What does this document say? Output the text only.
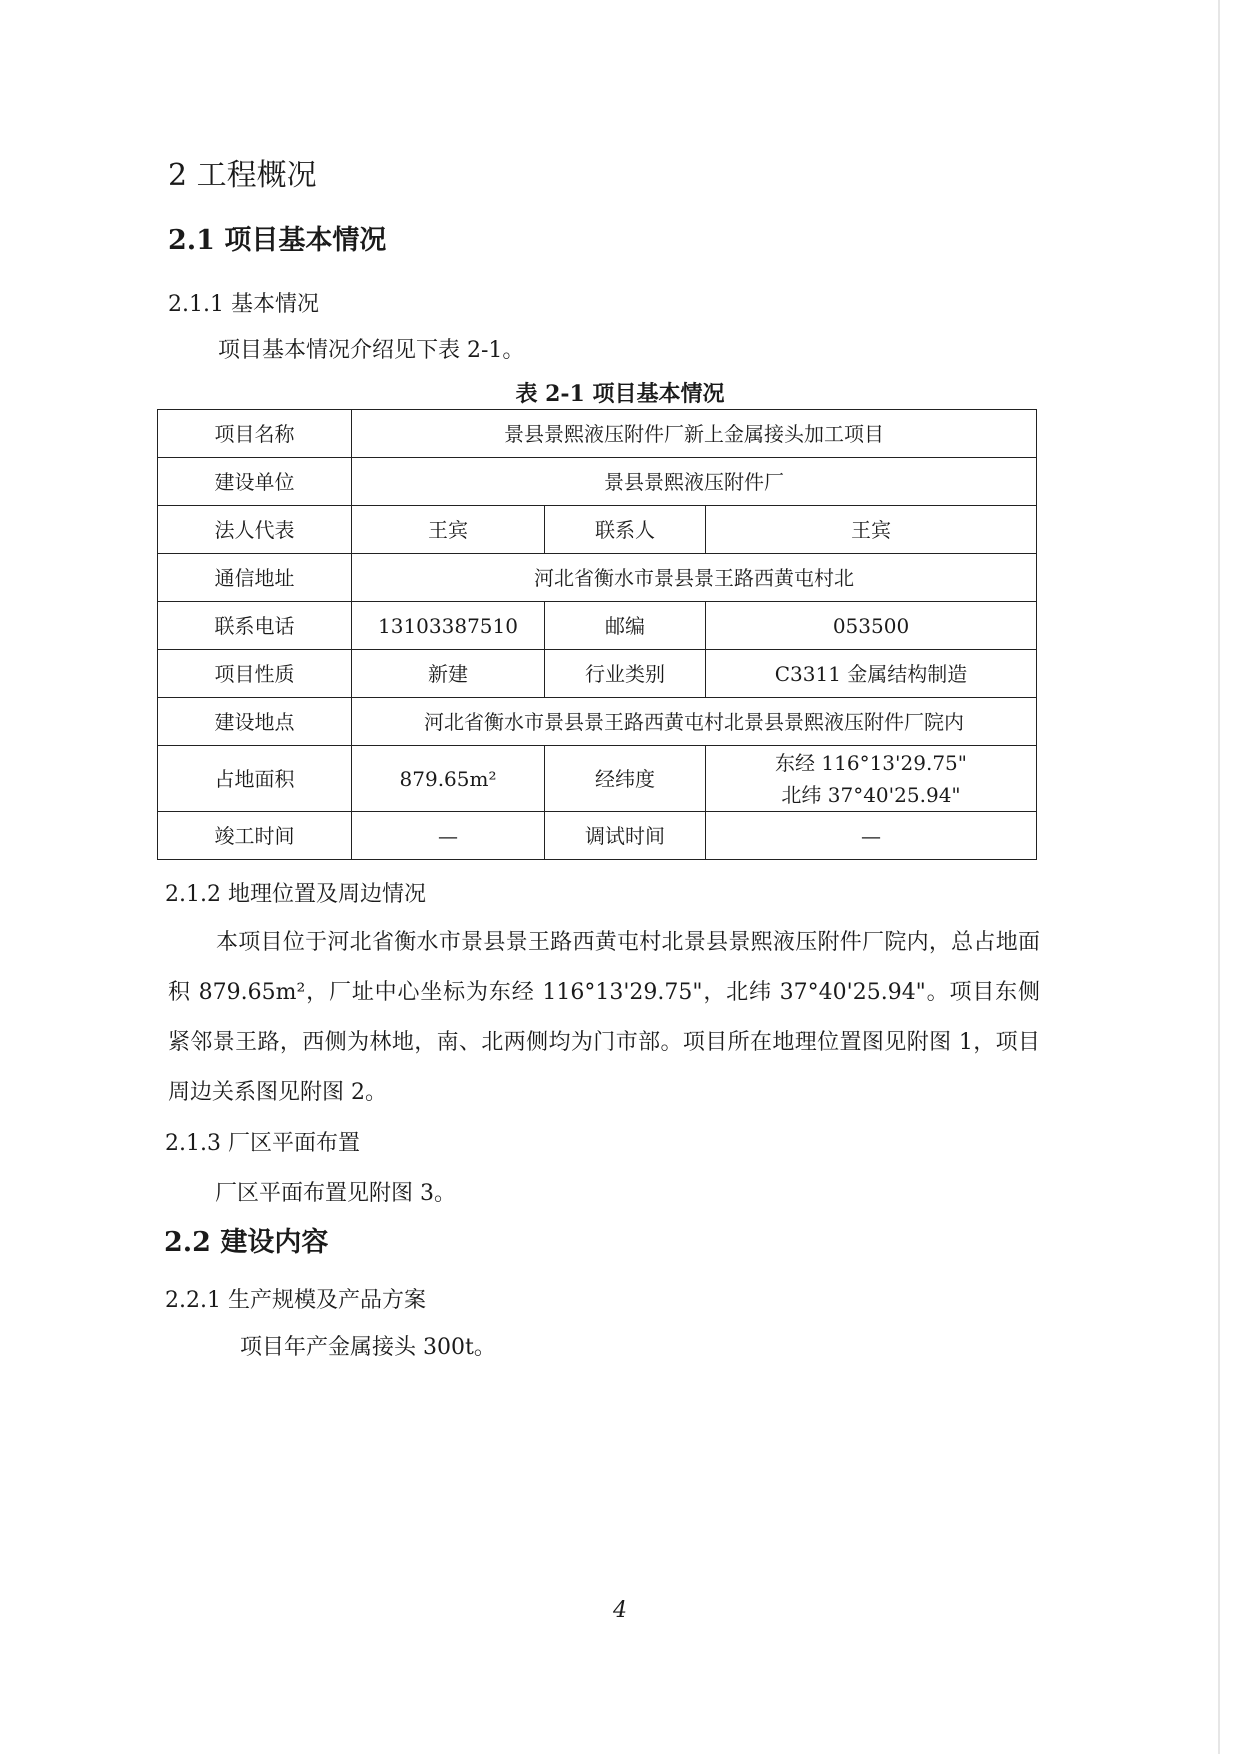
2 工程概况
2.1 项目基本情况
2.1.1 基本情况
项目基本情况介绍见下表 2-1。
表 2-1 项目基本情况
项目名称	景县景熙液压附件厂新上金属接头加工项目		
建设单位	景县景熙液压附件厂		
法人代表	王宾	联系人	王宾
通信地址	河北省衡水市景县景王路西黄屯村北		
联系电话	13103387510	邮编	053500
项目性质	新建	行业类别	C3311 金属结构制造
建设地点	河北省衡水市景县景王路西黄屯村北景县景熙液压附件厂院内		
占地面积	879.65m²	经纬度	东经 116°13'29.75"
北纬 37°40'25.94"

竣工时间	—	调试时间	—
2.1.2 地理位置及周边情况
本项目位于河北省衡水市景县景王路西黄屯村北景县景熙液压附件厂院内，总占地面积 879.65m²，厂址中心坐标为东经 116°13'29.75"，北纬 37°40'25.94"。项目东侧紧邻景王路，西侧为林地，南、北两侧均为门市部。项目所在地理位置图见附图 1，项目周边关系图见附图 2。
2.1.3 厂区平面布置
厂区平面布置见附图 3。
2.2 建设内容
2.2.1 生产规模及产品方案
项目年产金属接头 300t。
4
